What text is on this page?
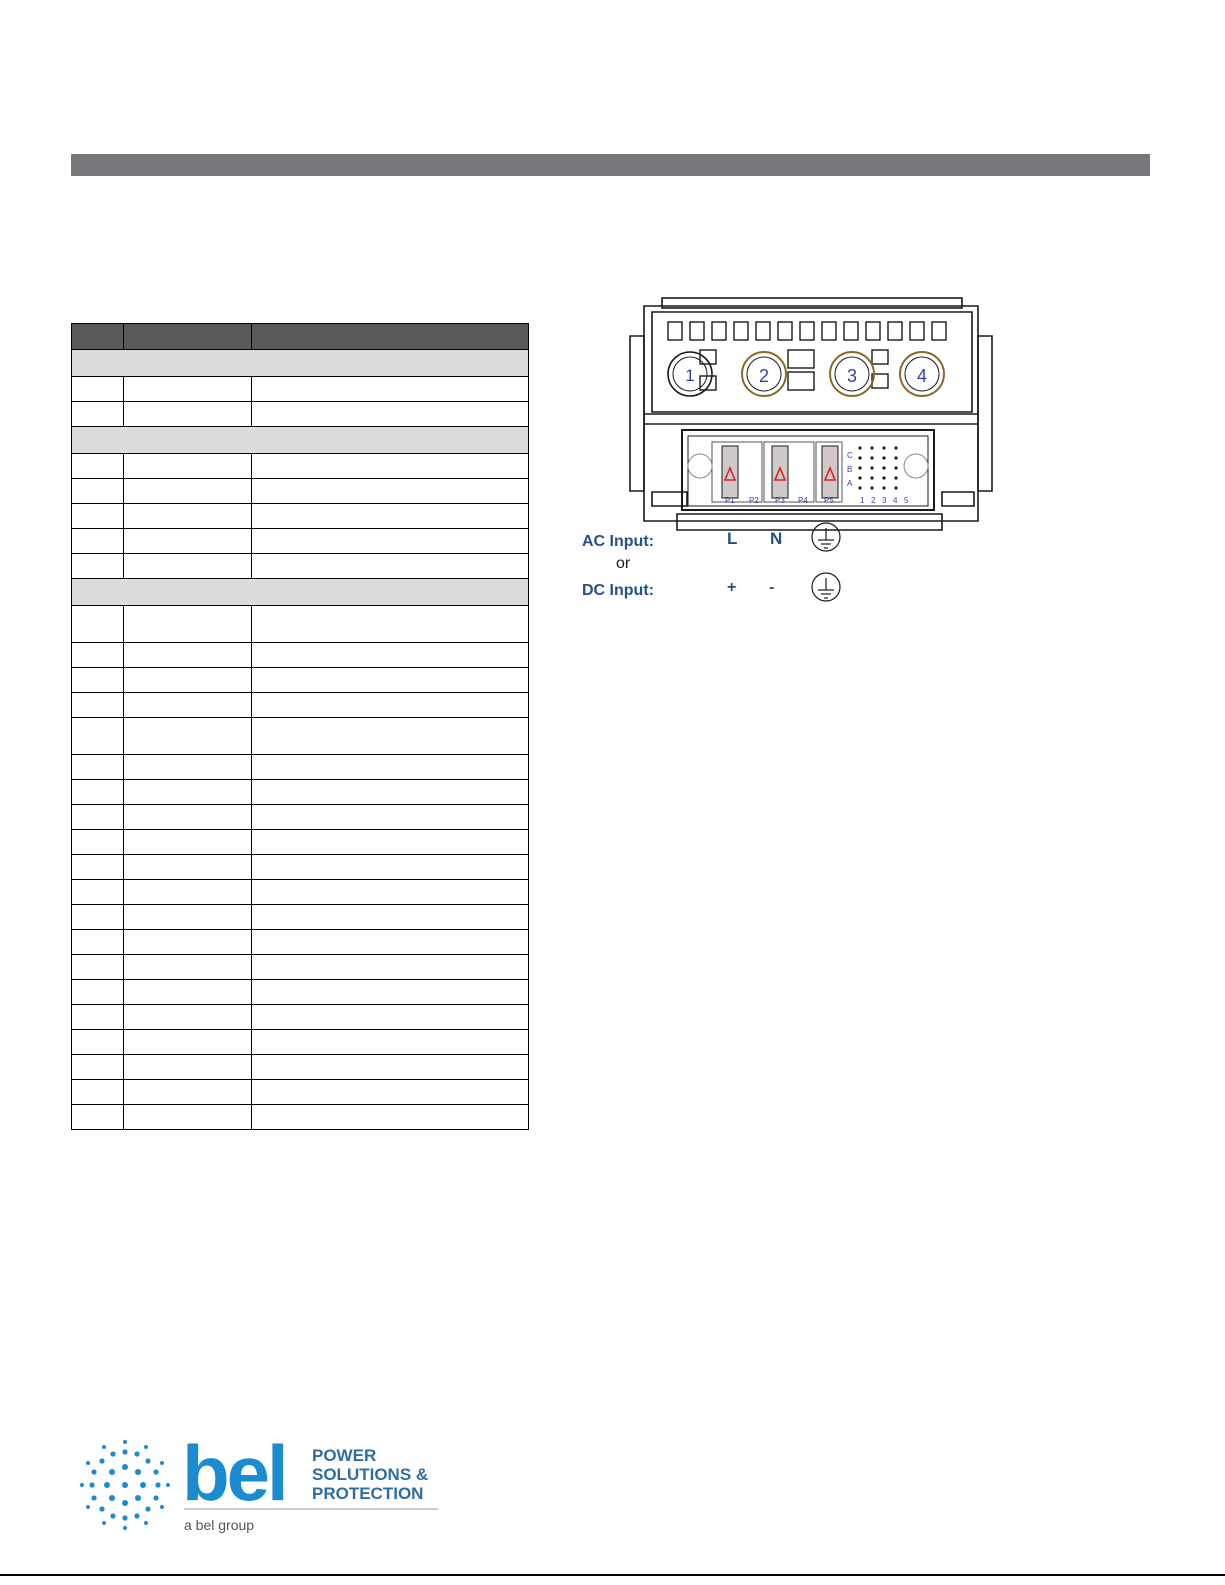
1	2	3	4
A
B
C
P1 P2 P3 P4 P5	1 2 3 4 5
AC Input:	L N
or
DC Input:	+ -
bel POWER
SOLUTIONS &
PROTECTION
a bel group
